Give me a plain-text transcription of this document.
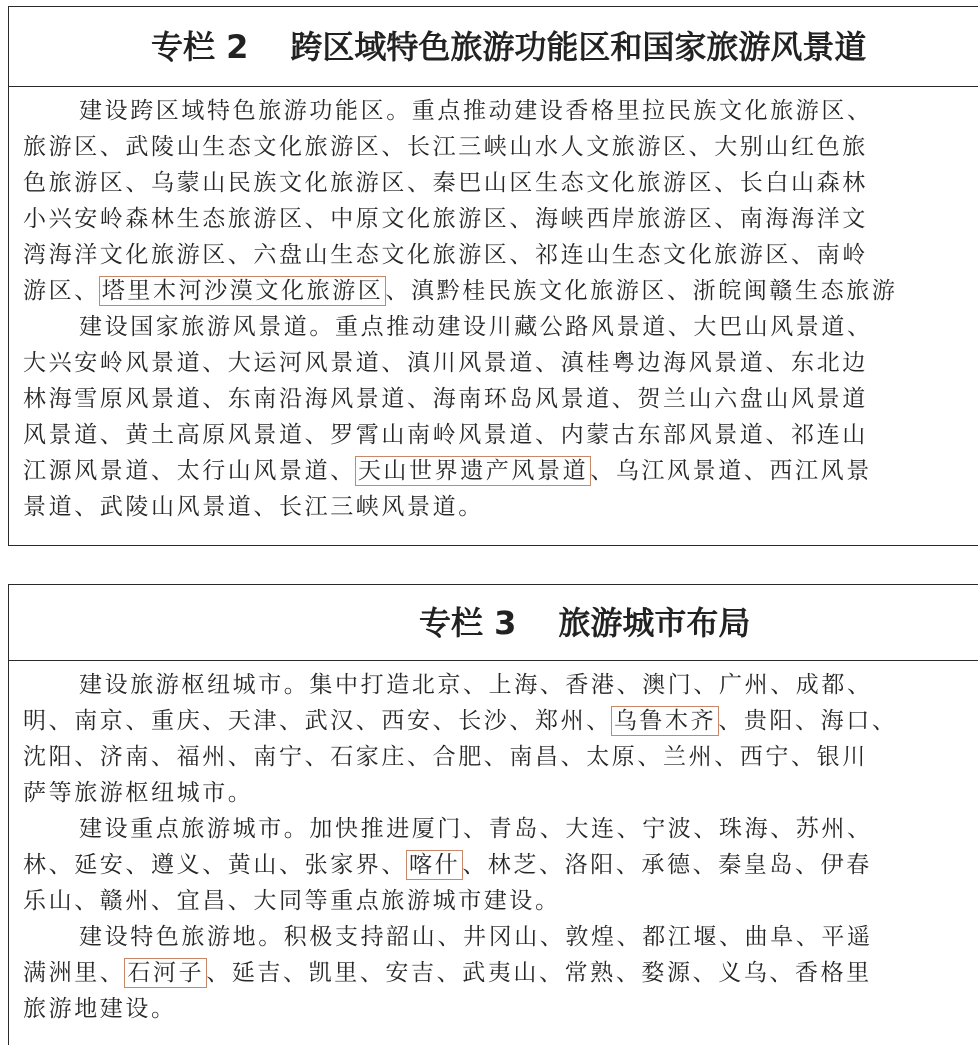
专栏 2 跨区域特色旅游功能区和国家旅游风景道
建设跨区域特色旅游功能区。重点推动建设香格里拉民族文化旅游区、
旅游区、武陵山生态文化旅游区、长江三峡山水人文旅游区、大别山红色旅
色旅游区、乌蒙山民族文化旅游区、秦巴山区生态文化旅游区、长白山森林
小兴安岭森林生态旅游区、中原文化旅游区、海峡西岸旅游区、南海海洋文
湾海洋文化旅游区、六盘山生态文化旅游区、祁连山生态文化旅游区、南岭
游区、塔里木河沙漠文化旅游区、滇黔桂民族文化旅游区、浙皖闽赣生态旅游
建设国家旅游风景道。重点推动建设川藏公路风景道、大巴山风景道、
大兴安岭风景道、大运河风景道、滇川风景道、滇桂粤边海风景道、东北边
林海雪原风景道、东南沿海风景道、海南环岛风景道、贺兰山六盘山风景道
风景道、黄土高原风景道、罗霄山南岭风景道、内蒙古东部风景道、祁连山
江源风景道、太行山风景道、天山世界遗产风景道、乌江风景道、西江风景
景道、武陵山风景道、长江三峡风景道。
专栏 3 旅游城市布局
建设旅游枢纽城市。集中打造北京、上海、香港、澳门、广州、成都、
明、南京、重庆、天津、武汉、西安、长沙、郑州、乌鲁木齐、贵阳、海口、
沈阳、济南、福州、南宁、石家庄、合肥、南昌、太原、兰州、西宁、银川
萨等旅游枢纽城市。
建设重点旅游城市。加快推进厦门、青岛、大连、宁波、珠海、苏州、
林、延安、遵义、黄山、张家界、喀什、林芝、洛阳、承德、秦皇岛、伊春
乐山、赣州、宜昌、大同等重点旅游城市建设。
建设特色旅游地。积极支持韶山、井冈山、敦煌、都江堰、曲阜、平遥
满洲里、石河子、延吉、凯里、安吉、武夷山、常熟、婺源、义乌、香格里
旅游地建设。
